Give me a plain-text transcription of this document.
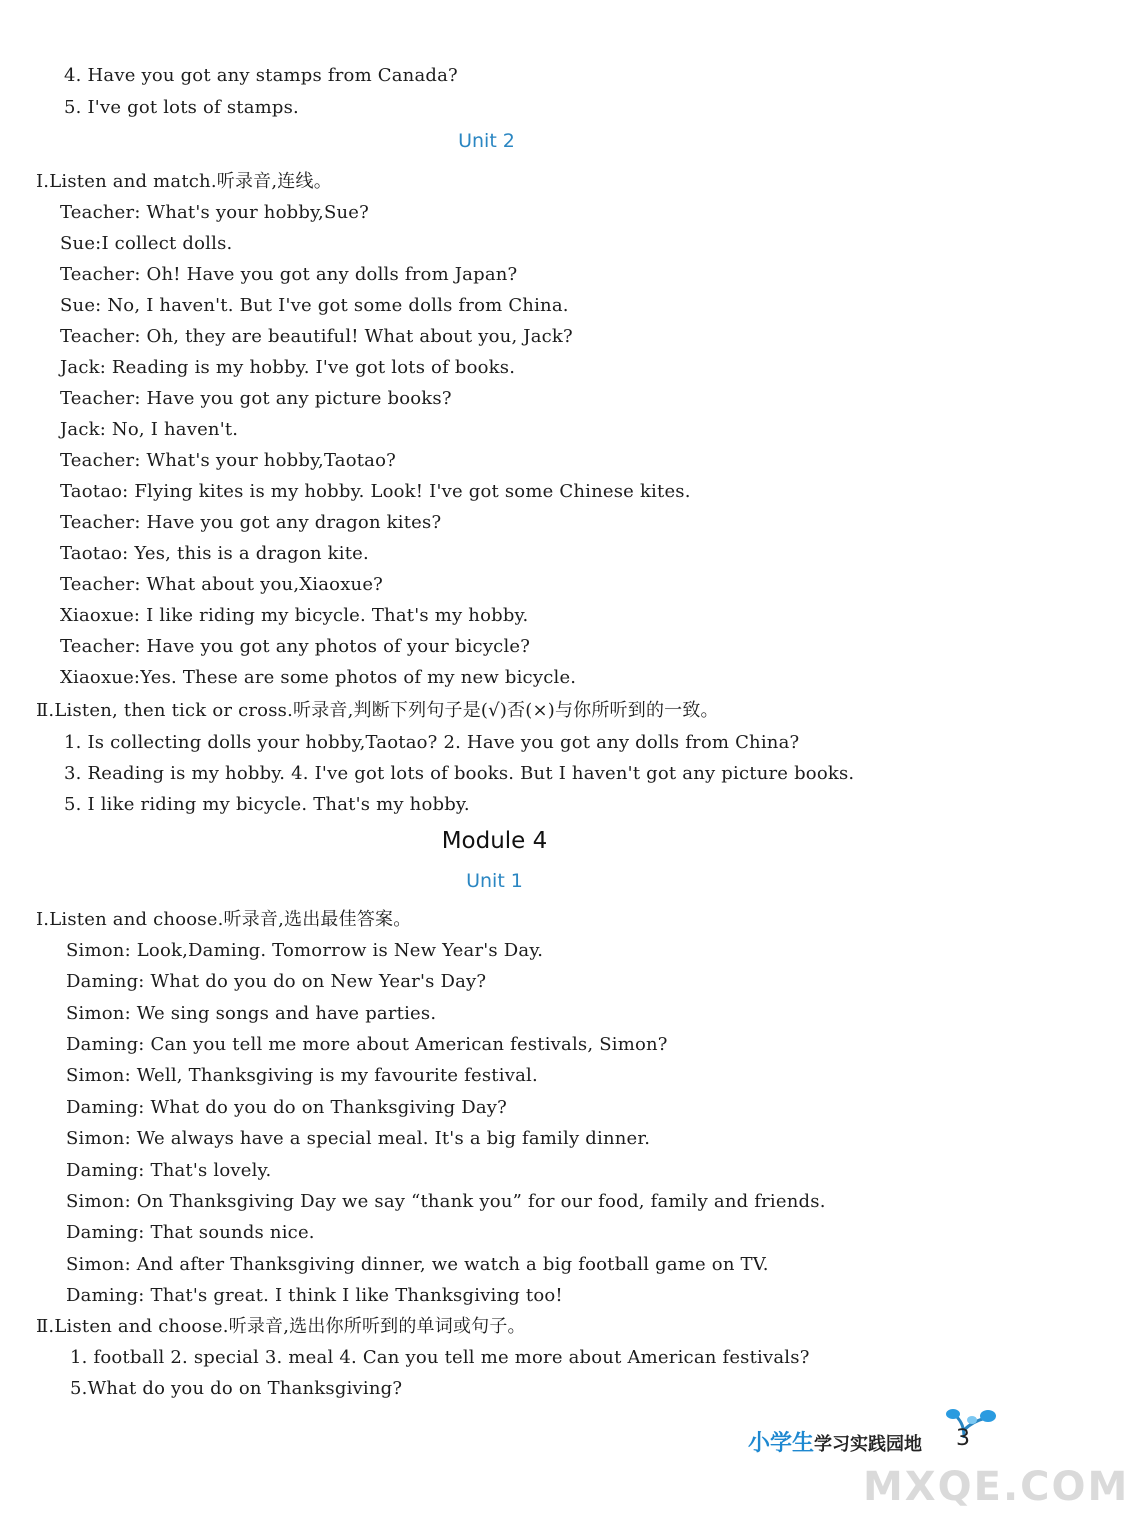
4. Have you got any stamps from Canada?
5. I've got lots of stamps.
Unit 2
Ⅰ.Listen and match.听录音,连线。
Teacher: What's your hobby,Sue?
Sue:I collect dolls.
Teacher: Oh! Have you got any dolls from Japan?
Sue: No, I haven't. But I've got some dolls from China.
Teacher: Oh, they are beautiful! What about you, Jack?
Jack: Reading is my hobby. I've got lots of books.
Teacher: Have you got any picture books?
Jack: No, I haven't.
Teacher: What's your hobby,Taotao?
Taotao: Flying kites is my hobby. Look! I've got some Chinese kites.
Teacher: Have you got any dragon kites?
Taotao: Yes, this is a dragon kite.
Teacher: What about you,Xiaoxue?
Xiaoxue: I like riding my bicycle. That's my hobby.
Teacher: Have you got any photos of your bicycle?
Xiaoxue:Yes. These are some photos of my new bicycle.
Ⅱ.Listen, then tick or cross.听录音,判断下列句子是(√)否(×)与你所听到的一致。
1. Is collecting dolls your hobby,Taotao? 2. Have you got any dolls from China?
3. Reading is my hobby. 4. I've got lots of books. But I haven't got any picture books.
5. I like riding my bicycle. That's my hobby.
Module 4
Unit 1
Ⅰ.Listen and choose.听录音,选出最佳答案。
Simon: Look,Daming. Tomorrow is New Year's Day.
Daming: What do you do on New Year's Day?
Simon: We sing songs and have parties.
Daming: Can you tell me more about American festivals, Simon?
Simon: Well, Thanksgiving is my favourite festival.
Daming: What do you do on Thanksgiving Day?
Simon: We always have a special meal. It's a big family dinner.
Daming: That's lovely.
Simon: On Thanksgiving Day we say “thank you” for our food, family and friends.
Daming: That sounds nice.
Simon: And after Thanksgiving dinner, we watch a big football game on TV.
Daming: That's great. I think I like Thanksgiving too!
Ⅱ.Listen and choose.听录音,选出你所听到的单词或句子。
1. football 2. special 3. meal 4. Can you tell me more about American festivals?
5.What do you do on Thanksgiving?
小学生学习实践园地 3
MXQE.COM
